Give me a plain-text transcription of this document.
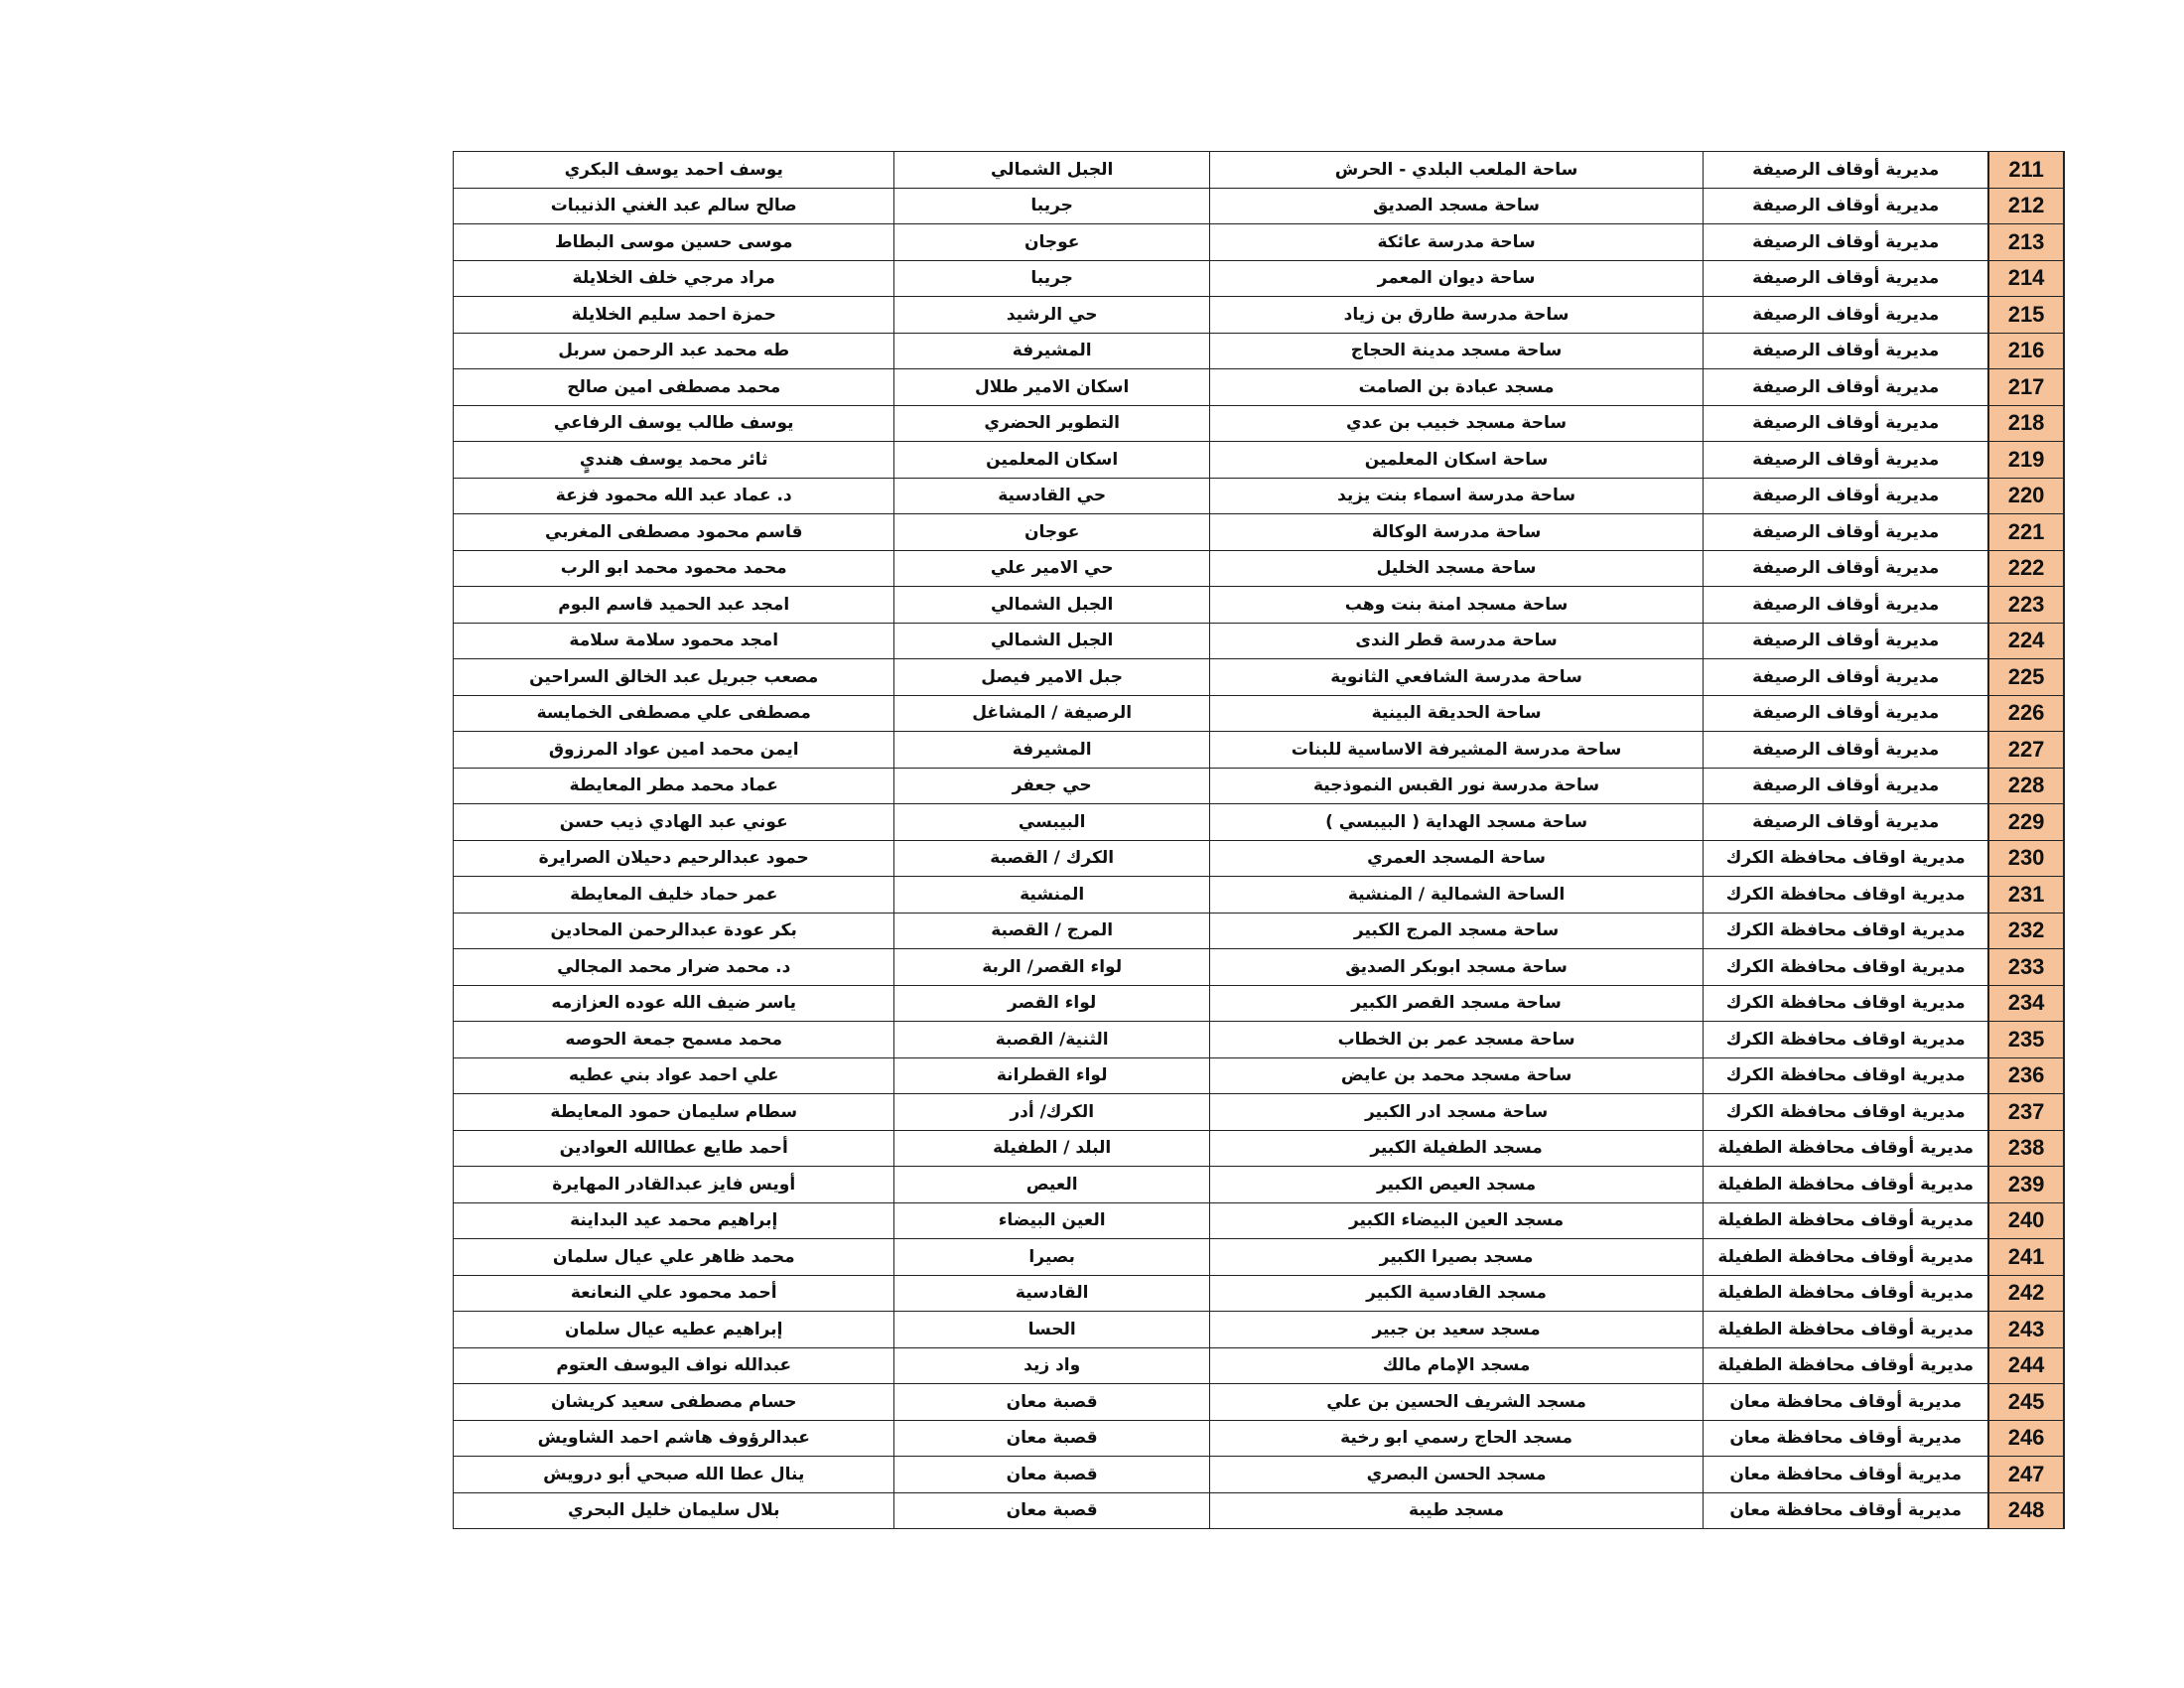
211	مديرية أوقاف الرصيفة	ساحة الملعب البلدي - الحرش	الجبل الشمالي	يوسف احمد يوسف البكري
212	مديرية أوقاف الرصيفة	ساحة مسجد الصديق	جريبا	صالح سالم عبد الغني الذنيبات
213	مديرية أوقاف الرصيفة	ساحة مدرسة عائكة	عوجان	موسى حسين موسى البطاط
214	مديرية أوقاف الرصيفة	ساحة ديوان المعمر	جريبا	مراد مرجي خلف الخلايلة
215	مديرية أوقاف الرصيفة	ساحة مدرسة طارق بن زياد	حي الرشيد	حمزة احمد سليم الخلايلة
216	مديرية أوقاف الرصيفة	ساحة مسجد مدينة الحجاج	المشيرفة	طه محمد عبد الرحمن سربل
217	مديرية أوقاف الرصيفة	مسجد عبادة بن الصامت	اسكان الامير طلال	محمد مصطفى امين صالح
218	مديرية أوقاف الرصيفة	ساحة مسجد خبيب بن عدي	التطوير الحضري	يوسف طالب يوسف الرفاعي
219	مديرية أوقاف الرصيفة	ساحة اسكان المعلمين	اسكان المعلمين	ثائر محمد يوسف هنديٍ
220	مديرية أوقاف الرصيفة	ساحة مدرسة اسماء بنت يزيد	حي القادسية	د. عماد عبد الله محمود فزعة
221	مديرية أوقاف الرصيفة	ساحة مدرسة الوكالة	عوجان	قاسم محمود مصطفى المغربي
222	مديرية أوقاف الرصيفة	ساحة مسجد الخليل	حي الامير علي	محمد محمود محمد ابو الرب
223	مديرية أوقاف الرصيفة	ساحة مسجد امنة بنت وهب	الجبل الشمالي	امجد عبد الحميد قاسم البوم
224	مديرية أوقاف الرصيفة	ساحة مدرسة قطر الندى	الجبل الشمالي	امجد محمود سلامة سلامة
225	مديرية أوقاف الرصيفة	ساحة مدرسة الشافعي الثانوية	جبل الامير فيصل	مصعب جبريل عبد الخالق السراحين
226	مديرية أوقاف الرصيفة	ساحة الحديقة البينية	الرصيفة / المشاغل	مصطفى علي مصطفى الخمايسة
227	مديرية أوقاف الرصيفة	ساحة مدرسة المشيرفة الاساسية للبنات	المشيرفة	ايمن محمد امين عواد المرزوق
228	مديرية أوقاف الرصيفة	ساحة مدرسة نور القبس النموذجية	حي جعفر	عماد محمد مطر المعايطة
229	مديرية أوقاف الرصيفة	ساحة مسجد الهداية ( البيبسي )	البيبسي	عوني عبد الهادي ذيب حسن
230	مديرية اوقاف محافظة الكرك	ساحة المسجد العمري	الكرك / القصبة	حمود عبدالرحيم دحيلان الصرايرة
231	مديرية اوقاف محافظة الكرك	الساحة الشمالية / المنشية	المنشية	عمر حماد خليف المعايطة
232	مديرية اوقاف محافظة الكرك	ساحة مسجد المرج الكبير	المرج / القصبة	بكر عودة عبدالرحمن المحادين
233	مديرية اوقاف محافظة الكرك	ساحة مسجد ابوبكر الصديق	لواء القصر/ الربة	د. محمد ضرار محمد المجالي
234	مديرية اوقاف محافظة الكرك	ساحة مسجد القصر الكبير	لواء القصر	ياسر ضيف الله عوده العزازمه
235	مديرية اوقاف محافظة الكرك	ساحة مسجد عمر بن الخطاب	الثنية/ القصبة	محمد مسمح جمعة الحوصه
236	مديرية اوقاف محافظة الكرك	ساحة مسجد محمد بن عايض	لواء القطرانة	علي احمد عواد بني عطيه
237	مديرية اوقاف محافظة الكرك	ساحة مسجد ادر الكبير	الكرك/ أدر	سطام سليمان حمود المعايطة
238	مديرية أوقاف محافظة الطفيلة	مسجد الطفيلة الكبير	البلد / الطفيلة	أحمد طايع عطاالله العوادين
239	مديرية أوقاف محافظة الطفيلة	مسجد العيص الكبير	العيص	أويس فايز عبدالقادر المهايرة
240	مديرية أوقاف محافظة الطفيلة	مسجد العين البيضاء الكبير	العين البيضاء	إبراهيم محمد عيد البداينة
241	مديرية أوقاف محافظة الطفيلة	مسجد بصيرا الكبير	بصيرا	محمد ظاهر علي عيال سلمان
242	مديرية أوقاف محافظة الطفيلة	مسجد القادسية الكبير	القادسية	أحمد محمود علي النعانعة
243	مديرية أوقاف محافظة الطفيلة	مسجد سعيد بن جبير	الحسا	إبراهيم عطيه عيال سلمان
244	مديرية أوقاف محافظة الطفيلة	مسجد الإمام مالك	واد زيد	عبدالله نواف اليوسف العتوم
245	مديرية أوقاف محافظة معان	مسجد الشريف الحسين بن علي	قصبة معان	حسام مصطفى سعيد كريشان
246	مديرية أوقاف محافظة معان	مسجد الحاج رسمي ابو رخية	قصبة معان	عبدالرؤوف هاشم احمد الشاويش
247	مديرية أوقاف محافظة معان	مسجد الحسن البصري	قصبة معان	ينال عطا الله صبحي أبو درويش
248	مديرية أوقاف محافظة معان	مسجد طيبة	قصبة معان	بلال سليمان خليل البحري
